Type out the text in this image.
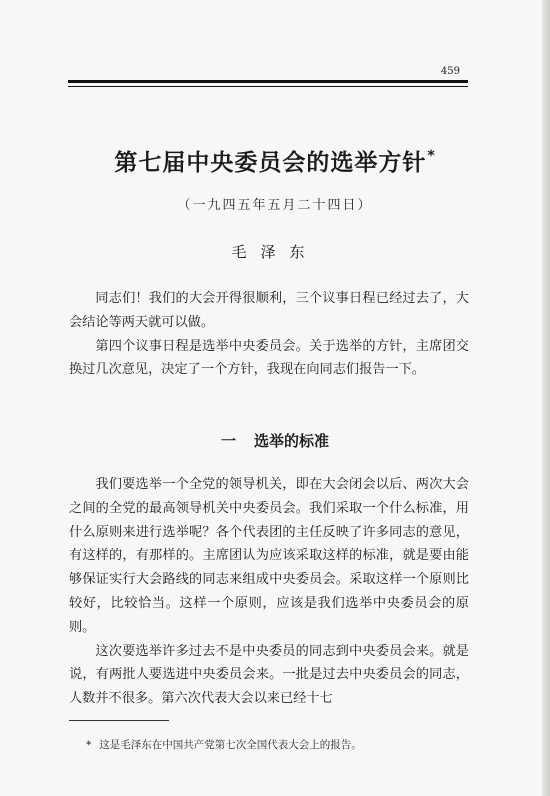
459
第七届中央委员会的选举方针*
（一九四五年五月二十四日）
毛泽东

同志们！我们的大会开得很顺利，三个议事日程已经过去了，大会结论等两天就可以做。

第四个议事日程是选举中央委员会。关于选举的方针，主席团交换过几次意见，决定了一个方针，我现在向同志们报告一下。

一 选举的标准

我们要选举一个全党的领导机关，即在大会闭会以后、两次大会之间的全党的最高领导机关中央委员会。我们采取一个什么标准，用什么原则来进行选举呢？各个代表团的主任反映了许多同志的意见，有这样的，有那样的。主席团认为应该采取这样的标准，就是要由能够保证实行大会路线的同志来组成中央委员会。采取这样一个原则比较好，比较恰当。这样一个原则，应该是我们选举中央委员会的原则。

这次要选举许多过去不是中央委员的同志到中央委员会来。就是说，有两批人要选进中央委员会来。一批是过去中央委员会的同志，人数并不很多。第六次代表大会以来已经十七

* 这是毛泽东在中国共产党第七次全国代表大会上的报告。
